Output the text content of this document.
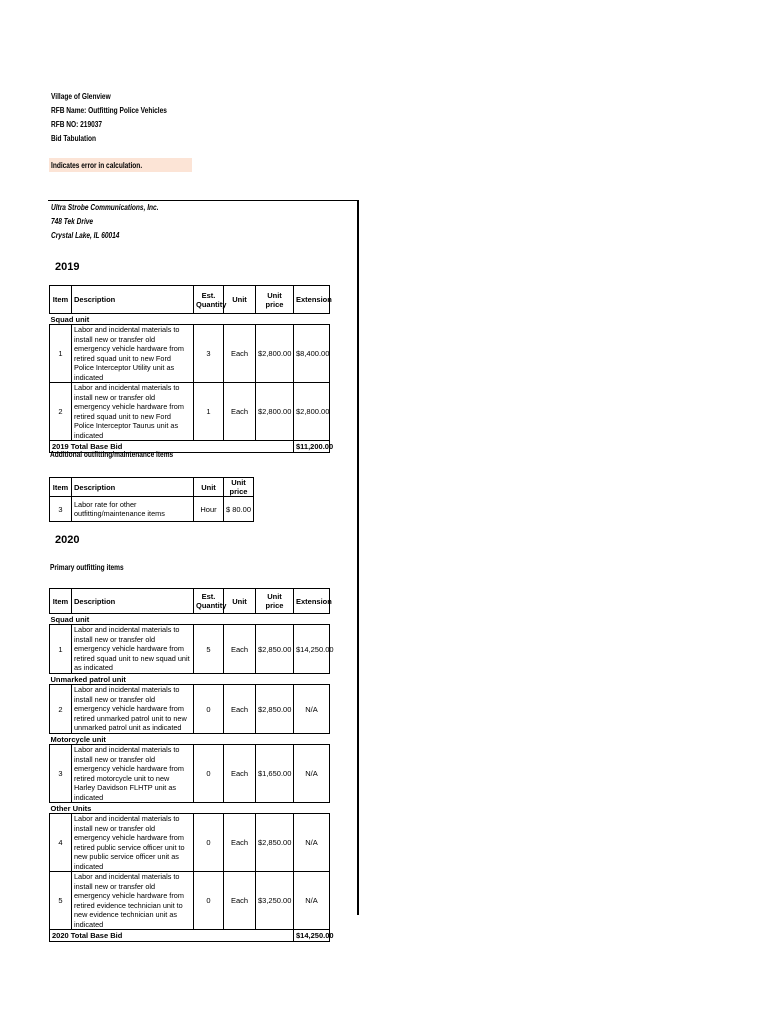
Village of Glenview
RFB Name: Outfitting Police Vehicles
RFB NO: 219037
Bid Tabulation
Indicates error in calculation.
Ultra Strobe Communications, Inc.
748 Tek Drive
Crystal Lake, IL 60014
2019
Item	Description	Est. Quantity	Unit	Unit price	Extension
Squad unit					
1	Labor and incidental materials to install new or transfer old emergency vehicle hardware from retired squad unit to new Ford Police Interceptor Utility unit as indicated	3	Each	$ 2,800.00	$ 8,400.00

2	Labor and incidental materials to install new or transfer old emergency vehicle hardware from retired squad unit to new Ford Police Interceptor Taurus unit as indicated	1	Each	$ 2,800.00	$ 2,800.00

2019 Total Base Bid					$ 11,200.00
Additional outfitting/maintenance items
Item	Description	Unit	Unit price
3	Labor rate for other outfitting/maintenance items	Hour	$ 80.00
2020
Primary outfitting items
Item	Description	Est. Quantity	Unit	Unit price	Extension
Squad unit					
1	Labor and incidental materials to install new or transfer old emergency vehicle hardware from retired squad unit to new squad unit as indicated	5	Each	$ 2,850.00	$ 14,250.00

Unmarked patrol unit					
2	Labor and incidental materials to install new or transfer old emergency vehicle hardware from retired unmarked patrol unit to new unmarked patrol unit as indicated	0	Each	$ 2,850.00	N/A
Motorcycle unit					
3	Labor and incidental materials to install new or transfer old emergency vehicle hardware from retired motorcycle unit to new Harley Davidson FLHTP unit as indicated	0	Each	$ 1,650.00	N/A
Other Units					
4	Labor and incidental materials to install new or transfer old emergency vehicle hardware from retired public service officer unit to new public service officer unit as indicated	0	Each	$ 2,850.00	N/A
5	Labor and incidental materials to install new or transfer old emergency vehicle hardware from retired evidence technician unit to new evidence technician unit as indicated	0	Each	$ 3,250.00	N/A
2020 Total Base Bid					$ 14,250.00
